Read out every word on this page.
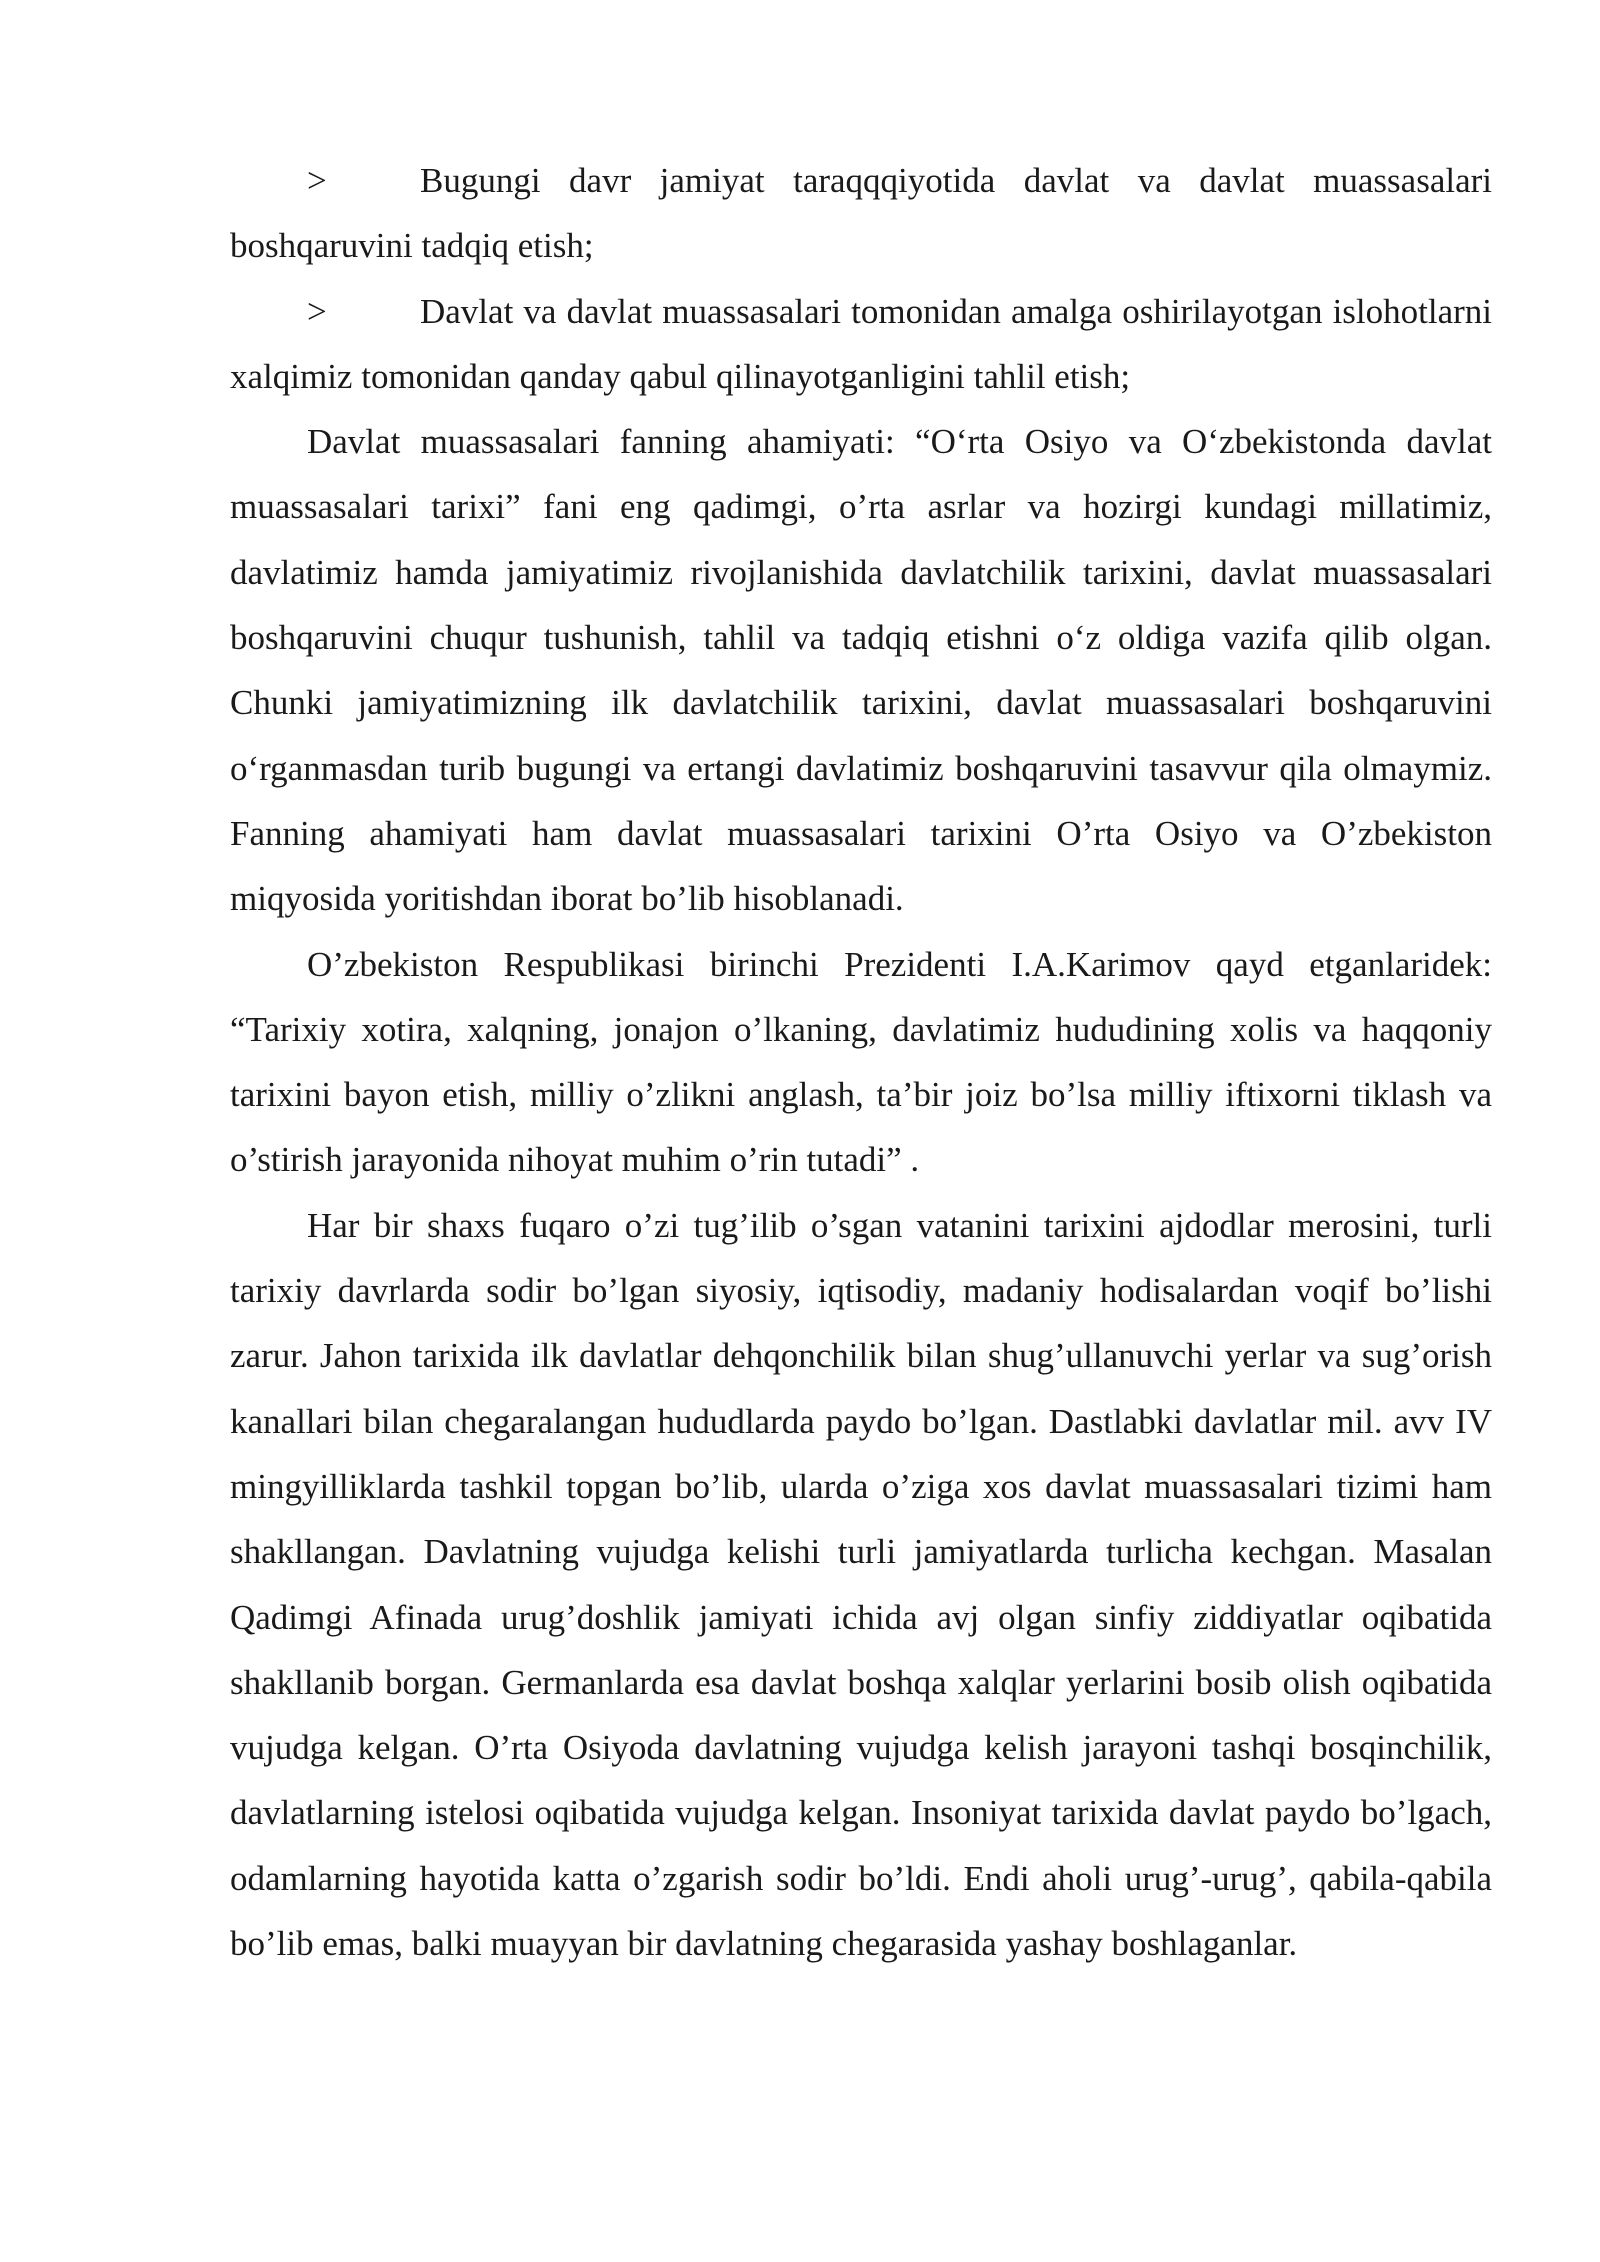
>	Bugungi davr jamiyat taraqqqiyotida davlat va davlat muassasalari boshqaruvini tadqiq etish;

>	Davlat va davlat muassasalari tomonidan amalga oshirilayotgan islohotlarni xalqimiz tomonidan qanday qabul qilinayotganligini tahlil etish;

Davlat muassasalari fanning ahamiyati: “O‘rta Osiyo va O‘zbekistonda davlat muassasalari tarixi” fani eng qadimgi, o’rta asrlar va hozirgi kundagi millatimiz, davlatimiz hamda jamiyatimiz rivojlanishida davlatchilik tarixini, davlat muassasalari boshqaruvini chuqur tushunish, tahlil va tadqiq etishni o‘z oldiga vazifa qilib olgan. Chunki jamiyatimizning ilk davlatchilik tarixini, davlat muassasalari boshqaruvini o‘rganmasdan turib bugungi va ertangi davlatimiz boshqaruvini tasavvur qila olmaymiz. Fanning ahamiyati ham davlat muassasalari tarixini O’rta Osiyo va O’zbekiston miqyosida yoritishdan iborat bo’lib hisoblanadi.

O’zbekiston Respublikasi birinchi Prezidenti I.A.Karimov qayd etganlaridek: “Tarixiy xotira, xalqning, jonajon o’lkaning, davlatimiz hududining xolis va haqqoniy tarixini bayon etish, milliy o’zlikni anglash, ta’bir joiz bo’lsa milliy iftixorni tiklash va o’stirish jarayonida nihoyat muhim o’rin tutadi” .

Har bir shaxs fuqaro o’zi tug’ilib o’sgan vatanini tarixini ajdodlar merosini, turli tarixiy davrlarda sodir bo’lgan siyosiy, iqtisodiy, madaniy hodisalardan voqif bo’lishi zarur. Jahon tarixida ilk davlatlar dehqonchilik bilan shug’ullanuvchi yerlar va sug’orish kanallari bilan chegaralangan hududlarda paydo bo’lgan. Dastlabki davlatlar mil. avv IV mingyilliklarda tashkil topgan bo’lib, ularda o’ziga xos davlat muassasalari tizimi ham shakllangan. Davlatning vujudga kelishi turli jamiyatlarda turlicha kechgan. Masalan Qadimgi Afinada urug’doshlik jamiyati ichida avj olgan sinfiy ziddiyatlar oqibatida shakllanib borgan. Germanlarda esa davlat boshqa xalqlar yerlarini bosib olish oqibatida vujudga kelgan. O’rta Osiyoda davlatning vujudga kelish jarayoni tashqi bosqinchilik, davlatlarning istelosi oqibatida vujudga kelgan. Insoniyat tarixida davlat paydo bo’lgach, odamlarning hayotida katta o’zgarish sodir bo’ldi. Endi aholi urug’-urug’, qabila-qabila bo’lib emas, balki muayyan bir davlatning chegarasida yashay boshlaganlar.
